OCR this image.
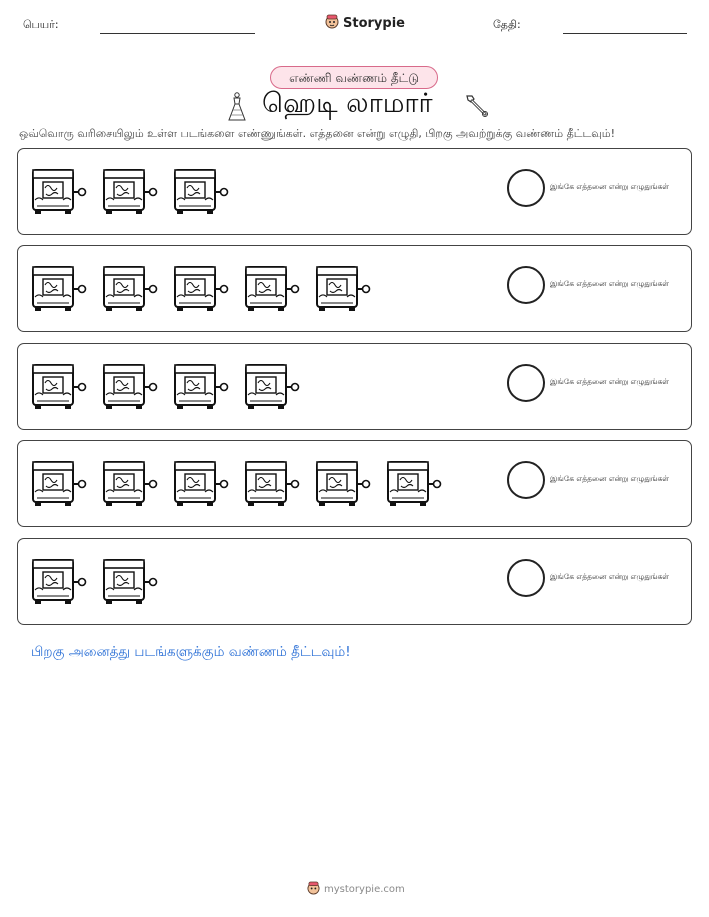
பெயர்:	Storypie	தேதி:
எண்ணி வண்ணம் தீட்டு
ஹெடி லாமார்
ஒவ்வொரு வரிசையிலும் உள்ள படங்களை எண்ணுங்கள். எத்தனை என்று எழுதி, பிறகு அவற்றுக்கு வண்ணம் தீட்டவும்!
இங்கே எத்தனை என்று எழுதுங்கள்
இங்கே எத்தனை என்று எழுதுங்கள்
இங்கே எத்தனை என்று எழுதுங்கள்
இங்கே எத்தனை என்று எழுதுங்கள்
இங்கே எத்தனை என்று எழுதுங்கள்
பிறகு அனைத்து படங்களுக்கும் வண்ணம் தீட்டவும்!
mystorypie.com
